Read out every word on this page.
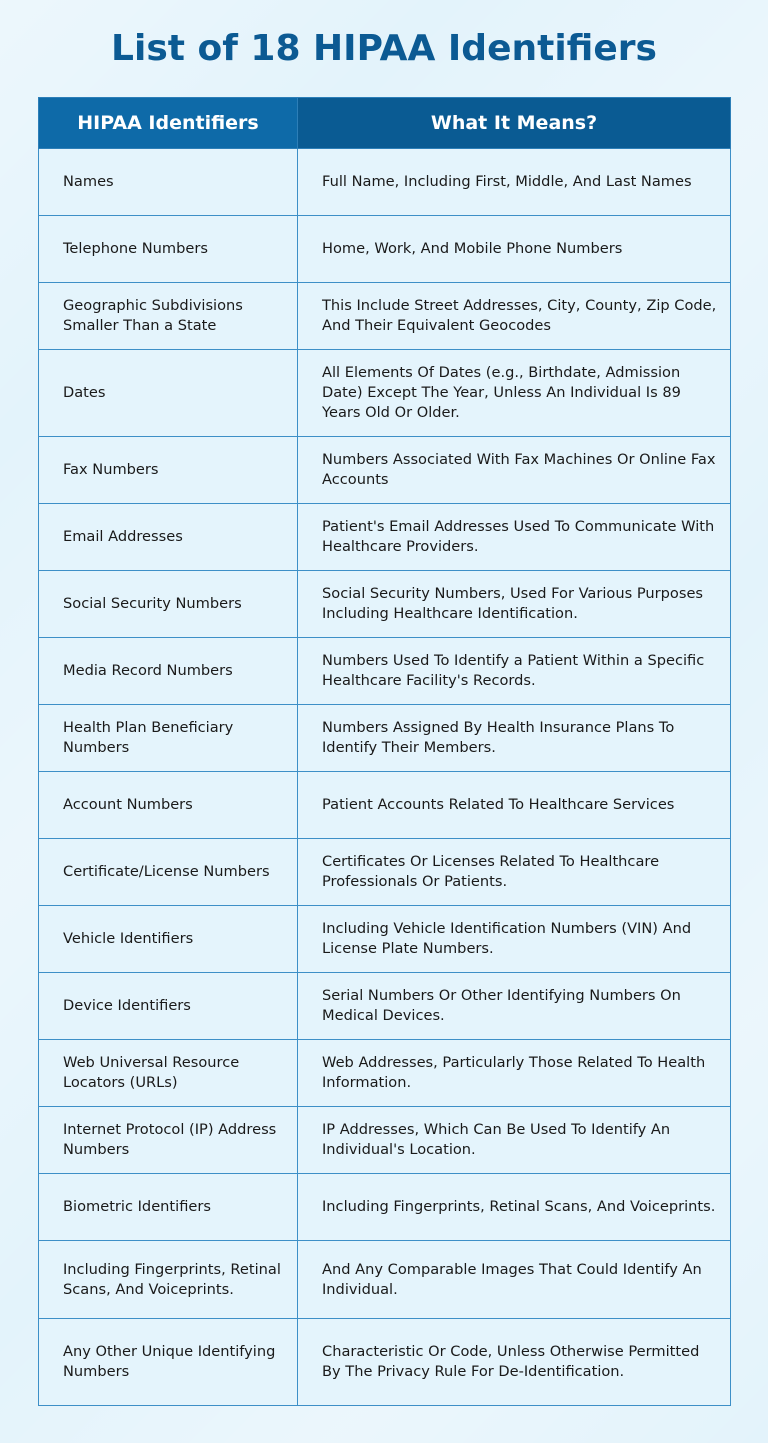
List of 18 HIPAA Identifiers
HIPAA Identifiers	What It Means?
Names	Full Name, Including First, Middle, And Last Names
Telephone Numbers	Home, Work, And Mobile Phone Numbers
Geographic Subdivisions Smaller Than a State	This Include Street Addresses, City, County, Zip Code, And Their Equivalent Geocodes
Dates	All Elements Of Dates (e.g., Birthdate, Admission Date) Except The Year, Unless An Individual Is 89 Years Old Or Older.
Fax Numbers	Numbers Associated With Fax Machines Or Online Fax Accounts
Email Addresses	Patient's Email Addresses Used To Communicate With Healthcare Providers.
Social Security Numbers	Social Security Numbers, Used For Various Purposes Including Healthcare Identification.
Media Record Numbers	Numbers Used To Identify a Patient Within a Specific Healthcare Facility's Records.
Health Plan Beneficiary Numbers	Numbers Assigned By Health Insurance Plans To Identify Their Members.
Account Numbers	Patient Accounts Related To Healthcare Services
Certificate/License Numbers	Certificates Or Licenses Related To Healthcare Professionals Or Patients.
Vehicle Identifiers	Including Vehicle Identification Numbers (VIN) And License Plate Numbers.
Device Identifiers	Serial Numbers Or Other Identifying Numbers On Medical Devices.
Web Universal Resource Locators (URLs)	Web Addresses, Particularly Those Related To Health Information.
Internet Protocol (IP) Address Numbers	IP Addresses, Which Can Be Used To Identify An Individual's Location.
Biometric Identifiers	Including Fingerprints, Retinal Scans, And Voiceprints.
Including Fingerprints, Retinal Scans, And Voiceprints.	And Any Comparable Images That Could Identify An Individual.
Any Other Unique Identifying Numbers	Characteristic Or Code, Unless Otherwise Permitted By The Privacy Rule For De-Identification.
